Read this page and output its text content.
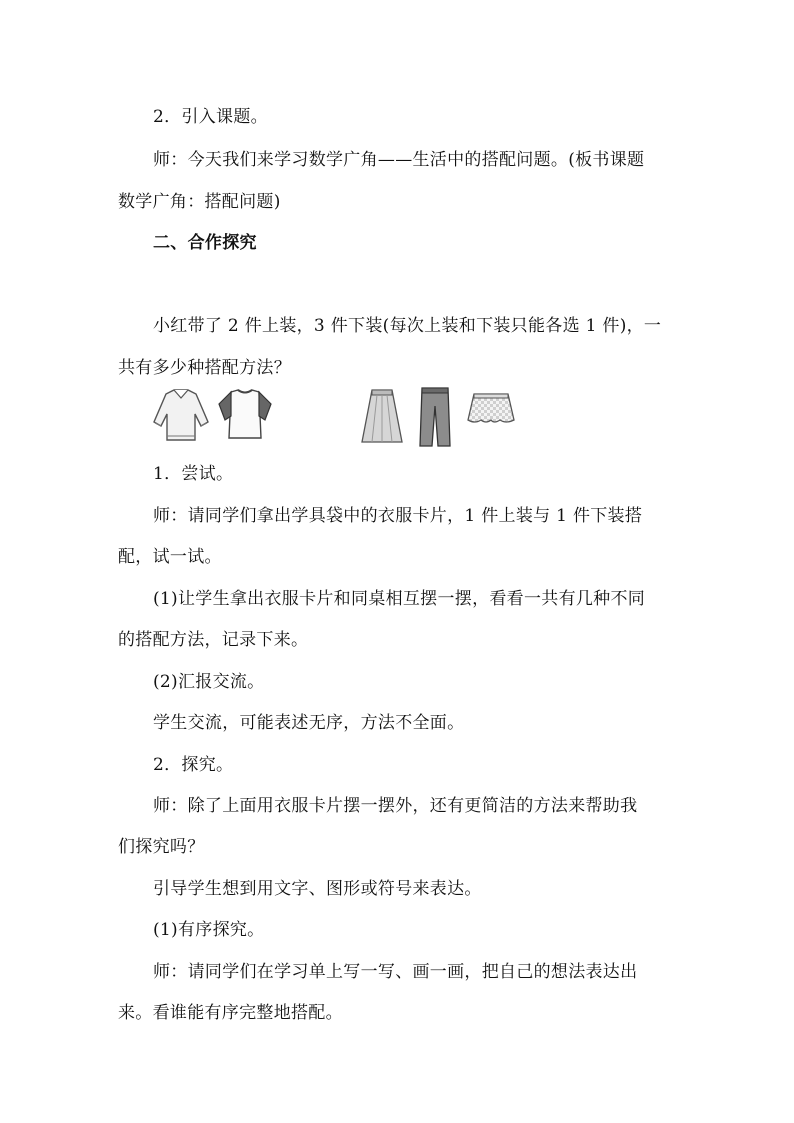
2．引入课题。
师：今天我们来学习数学广角——生活中的搭配问题。(板书课题
数学广角：搭配问题)
二、合作探究
小红带了 2 件上装，3 件下装(每次上装和下装只能各选 1 件)，一
共有多少种搭配方法？
1．尝试。
师：请同学们拿出学具袋中的衣服卡片，1 件上装与 1 件下装搭
配，试一试。
(1)让学生拿出衣服卡片和同桌相互摆一摆，看看一共有几种不同
的搭配方法，记录下来。
(2)汇报交流。
学生交流，可能表述无序，方法不全面。
2．探究。
师：除了上面用衣服卡片摆一摆外，还有更简洁的方法来帮助我
们探究吗？
引导学生想到用文字、图形或符号来表达。
(1)有序探究。
师：请同学们在学习单上写一写、画一画，把自己的想法表达出
来。看谁能有序完整地搭配。
